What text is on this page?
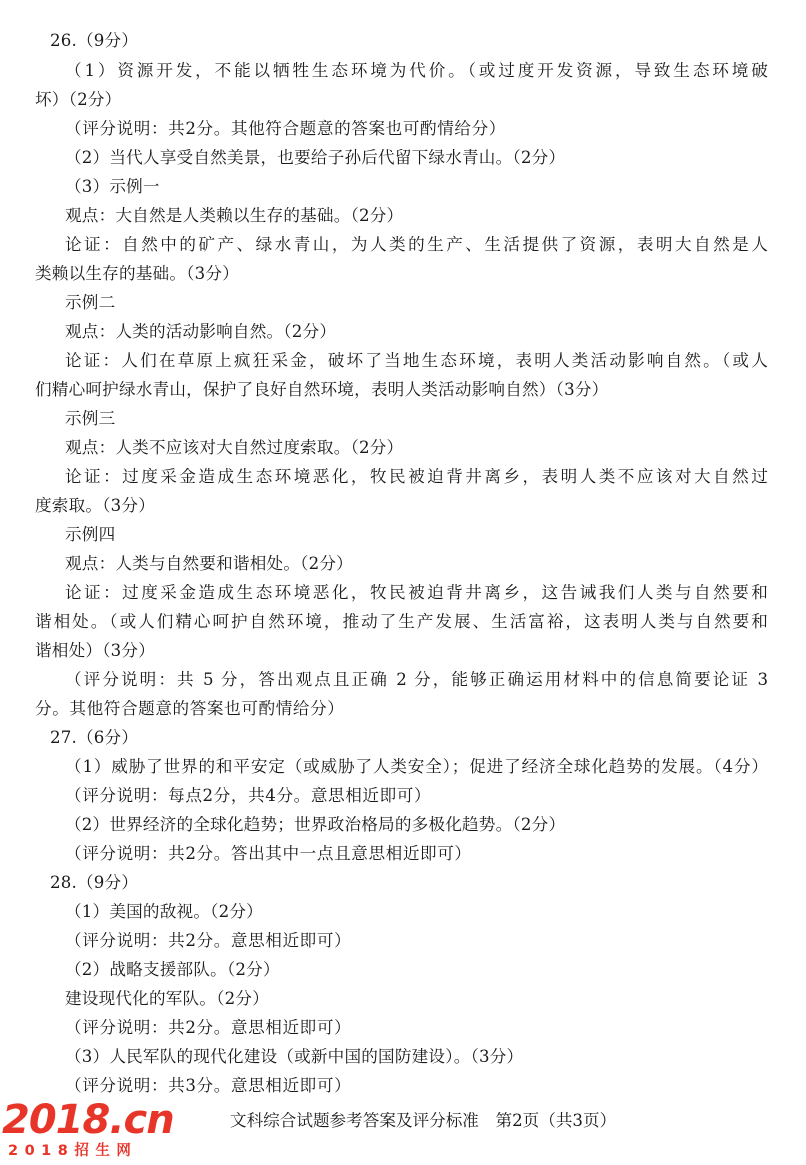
26.（9分）
（1）资源开发，不能以牺牲生态环境为代价。（或过度开发资源，导致生态环境破
坏）（2分）
（评分说明：共2分。其他符合题意的答案也可酌情给分）
（2）当代人享受自然美景，也要给子孙后代留下绿水青山。（2分）
（3）示例一
观点：大自然是人类赖以生存的基础。（2分）
论证：自然中的矿产、绿水青山，为人类的生产、生活提供了资源，表明大自然是人
类赖以生存的基础。（3分）
示例二
观点：人类的活动影响自然。（2分）
论证：人们在草原上疯狂采金，破坏了当地生态环境，表明人类活动影响自然。（或人
们精心呵护绿水青山，保护了良好自然环境，表明人类活动影响自然）（3分）
示例三
观点：人类不应该对大自然过度索取。（2分）
论证：过度采金造成生态环境恶化，牧民被迫背井离乡，表明人类不应该对大自然过
度索取。（3分）
示例四
观点：人类与自然要和谐相处。（2分）
论证：过度采金造成生态环境恶化，牧民被迫背井离乡，这告诫我们人类与自然要和
谐相处。（或人们精心呵护自然环境，推动了生产发展、生活富裕，这表明人类与自然要和
谐相处）（3分）
（评分说明：共 5 分，答出观点且正确 2 分，能够正确运用材料中的信息简要论证 3
分。其他符合题意的答案也可酌情给分）
27.（6分）
（1）威胁了世界的和平安定（或威胁了人类安全）；促进了经济全球化趋势的发展。（4分）
（评分说明：每点2分，共4分。意思相近即可）
（2）世界经济的全球化趋势；世界政治格局的多极化趋势。（2分）
（评分说明：共2分。答出其中一点且意思相近即可）
28.（9分）
（1）美国的敌视。（2分）
（评分说明：共2分。意思相近即可）
（2）战略支援部队。（2分）
建设现代化的军队。（2分）
（评分说明：共2分。意思相近即可）
（3）人民军队的现代化建设（或新中国的国防建设）。（3分）
（评分说明：共3分。意思相近即可）
文科综合试题参考答案及评分标准　第2页（共3页）
2018.cn
2018招生网
